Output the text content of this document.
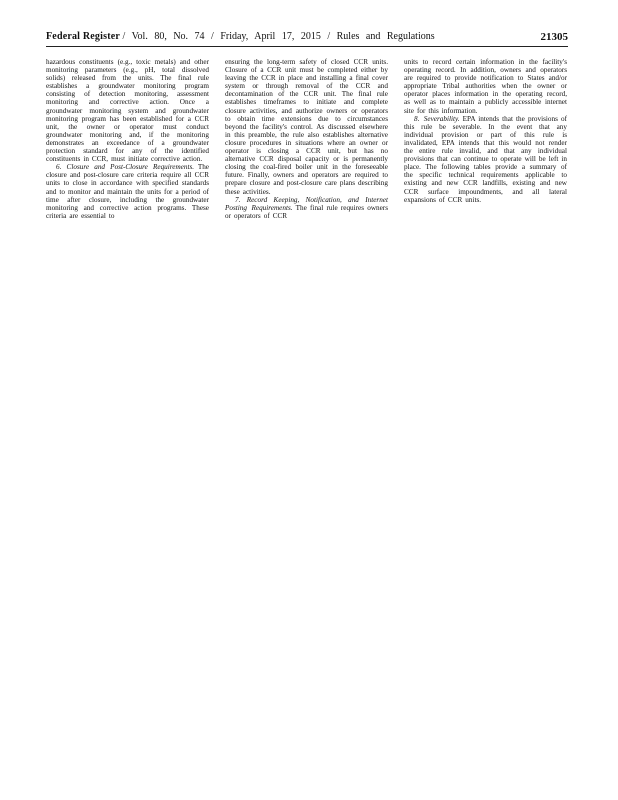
Federal Register / Vol. 80, No. 74 / Friday, April 17, 2015 / Rules and Regulations	21305

hazardous constituents (e.g., toxic metals) and other monitoring parameters (e.g., pH, total dissolved solids) released from the units. The final rule establishes a groundwater monitoring program consisting of detection monitoring, assessment monitoring and corrective action. Once a groundwater monitoring system and groundwater monitoring program has been established for a CCR unit, the owner or operator must conduct groundwater monitoring and, if the monitoring demonstrates an exceedance of a groundwater protection standard for any of the identified constituents in CCR, must initiate corrective action.

6. Closure and Post-Closure Requirements. The closure and post-closure care criteria require all CCR units to close in accordance with specified standards and to monitor and maintain the units for a period of time after closure, including the groundwater monitoring and corrective action programs. These criteria are essential to

ensuring the long-term safety of closed CCR units. Closure of a CCR unit must be completed either by leaving the CCR in place and installing a final cover system or through removal of the CCR and decontamination of the CCR unit. The final rule establishes timeframes to initiate and complete closure activities, and authorize owners or operators to obtain time extensions due to circumstances beyond the facility's control. As discussed elsewhere in this preamble, the rule also establishes alternative closure procedures in situations where an owner or operator is closing a CCR unit, but has no alternative CCR disposal capacity or is permanently closing the coal-fired boiler unit in the foreseeable future. Finally, owners and operators are required to prepare closure and post-closure care plans describing these activities.

7. Record Keeping, Notification, and Internet Posting Requirements. The final rule requires owners or operators of CCR

units to record certain information in the facility's operating record. In addition, owners and operators are required to provide notification to States and/or appropriate Tribal authorities when the owner or operator places information in the operating record, as well as to maintain a publicly accessible internet site for this information.

8. Severability. EPA intends that the provisions of this rule be severable. In the event that any individual provision or part of this rule is invalidated, EPA intends that this would not render the entire rule invalid, and that any individual provisions that can continue to operate will be left in place. The following tables provide a summary of the specific technical requirements applicable to existing and new CCR landfills, existing and new CCR surface impoundments, and all lateral expansions of CCR units.
